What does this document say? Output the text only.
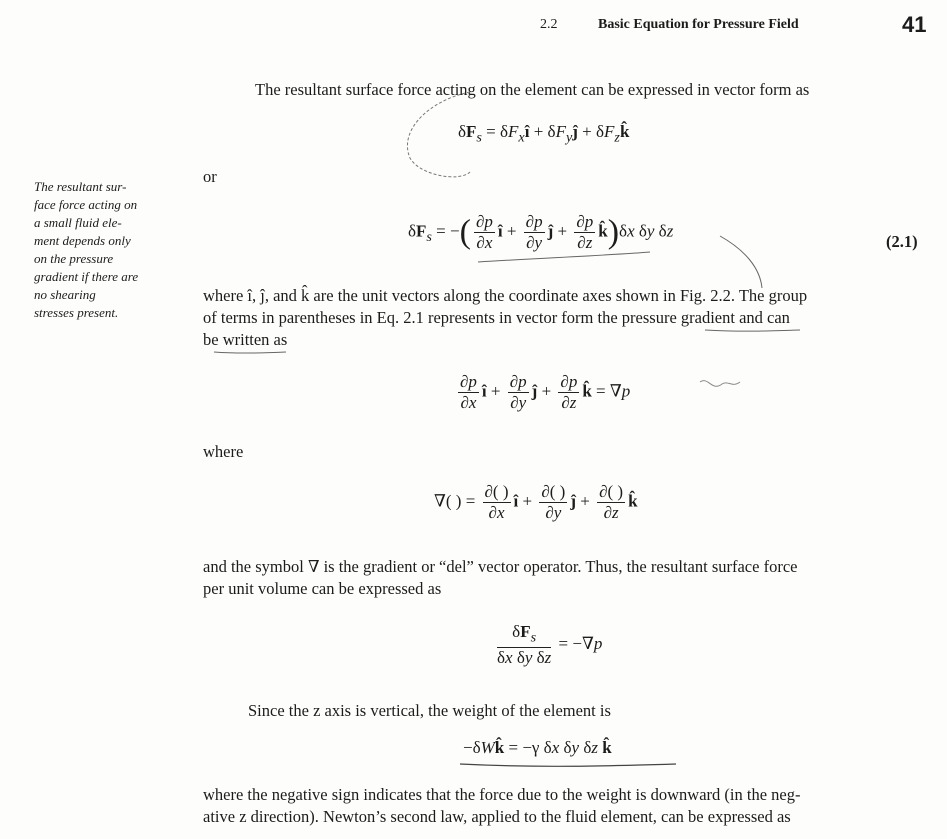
2.2	Basic Equation for Pressure Field	41
The resultant sur-
face force acting on
a small fluid ele-
ment depends only
on the pressure
gradient if there are
no shearing
stresses present.
The resultant surface force acting on the element can be expressed in vector form as
$\delta F_s$ = $\delta F_xî$ + $\delta F_yĵ$ + $\delta F_zk̂$
or
$\delta F_s$ = −( $\frac{\partial p}{\partial x}$ î + $\frac{\partial p}{\partial y}$ ĵ + $\frac{\partial p}{\partial z}$ k̂)δx δy δz
(2.1)
where î, ĵ, and k̂ are the unit vectors along the coordinate axes shown in Fig. 2.2. The group
of terms in parentheses in Eq. 2.1 represents in vector form the pressure gradient and can
be written as
$\frac{\partial p}{\partial x}$ î + $\frac{\partial p}{\partial y}$ ĵ + $\frac{\partial p}{\partial z}$ k̂ = ∇p
where
∇( ) = $\frac{\partial( )}{\partial x}$ î + $\frac{\partial( )}{\partial y}$ ĵ + $\frac{\partial( )}{\partial z}$ k̂
and the symbol ∇ is the gradient or “del” vector operator. Thus, the resultant surface force
per unit volume can be expressed as
$\frac{\delta F_s}{\text{δx δy δz}} = -\nabla p$
Since the z axis is vertical, the weight of the element is
−δWk̂ = −γ δx δy δz k̂
where the negative sign indicates that the force due to the weight is downward (in the neg-
ative z direction). Newton’s second law, applied to the fluid element, can be expressed as
